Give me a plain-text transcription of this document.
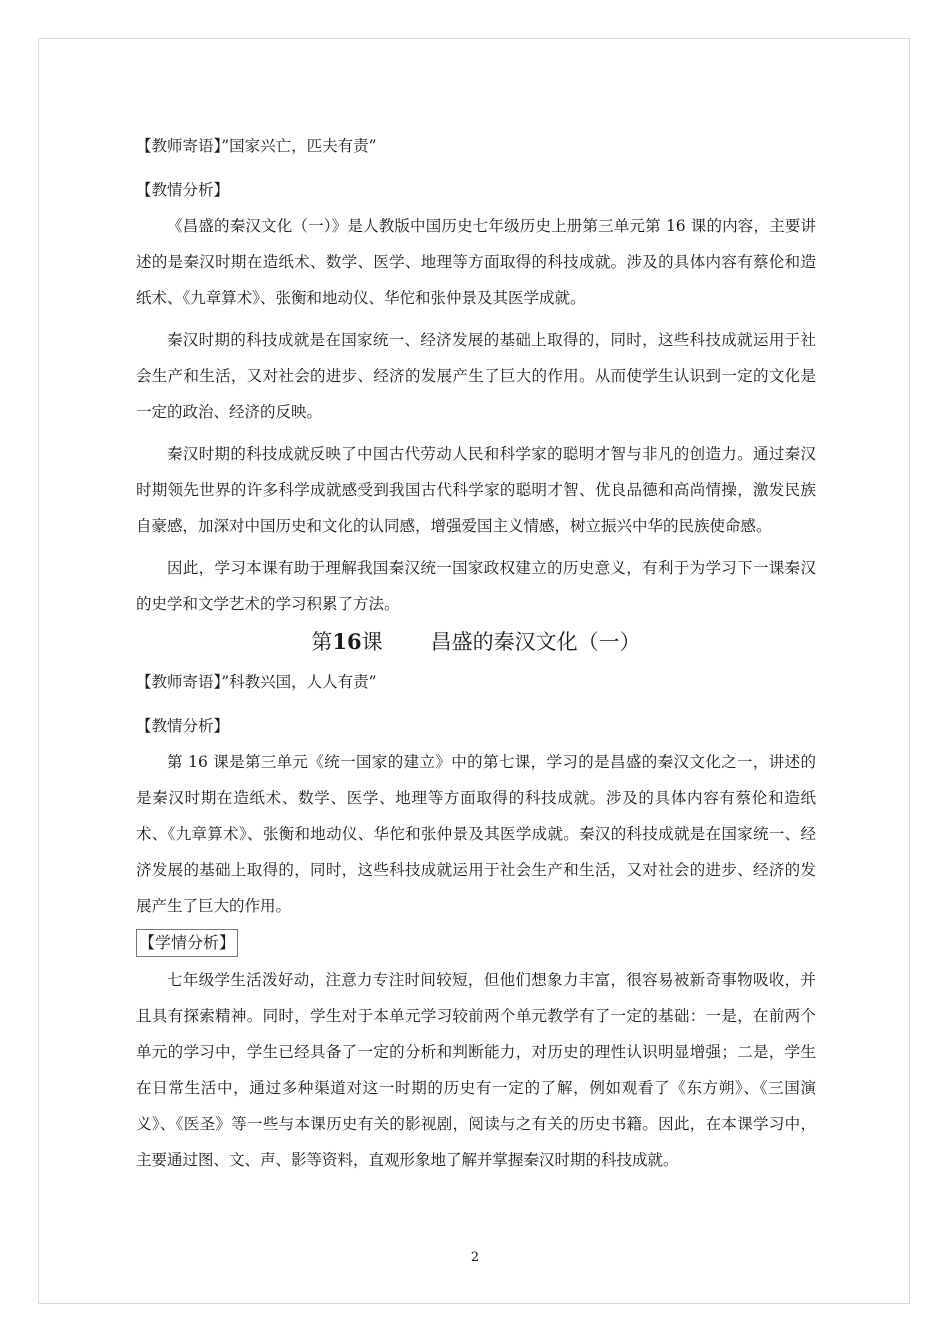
【教师寄语】”国家兴亡，匹夫有责”
【教情分析】

《昌盛的秦汉文化（一）》是人教版中国历史七年级历史上册第三单元第 16 课的内容，主要讲述的是秦汉时期在造纸术、数学、医学、地理等方面取得的科技成就。涉及的具体内容有蔡伦和造纸术、《九章算术》、张衡和地动仪、华佗和张仲景及其医学成就。

秦汉时期的科技成就是在国家统一、经济发展的基础上取得的，同时，这些科技成就运用于社会生产和生活，又对社会的进步、经济的发展产生了巨大的作用。从而使学生认识到一定的文化是一定的政治、经济的反映。

秦汉时期的科技成就反映了中国古代劳动人民和科学家的聪明才智与非凡的创造力。通过秦汉时期领先世界的许多科学成就感受到我国古代科学家的聪明才智、优良品德和高尚情操，激发民族自豪感，加深对中国历史和文化的认同感，增强爱国主义情感，树立振兴中华的民族使命感。

因此，学习本课有助于理解我国秦汉统一国家政权建立的历史意义，有利于为学习下一课秦汉的史学和文学艺术的学习积累了方法。

第16课 昌盛的秦汉文化（一）
【教师寄语】”科教兴国，人人有责”
【教情分析】

第 16 课是第三单元《统一国家的建立》中的第七课，学习的是昌盛的秦汉文化之一，讲述的是秦汉时期在造纸术、数学、医学、地理等方面取得的科技成就。涉及的具体内容有蔡伦和造纸术、《九章算术》、张衡和地动仪、华佗和张仲景及其医学成就。秦汉的科技成就是在国家统一、经济发展的基础上取得的，同时，这些科技成就运用于社会生产和生活，又对社会的进步、经济的发展产生了巨大的作用。

【学情分析】

七年级学生活泼好动，注意力专注时间较短，但他们想象力丰富，很容易被新奇事物吸收，并且具有探索精神。同时，学生对于本单元学习较前两个单元教学有了一定的基础：一是，在前两个单元的学习中，学生已经具备了一定的分析和判断能力，对历史的理性认识明显增强；二是，学生在日常生活中，通过多种渠道对这一时期的历史有一定的了解，例如观看了《东方朔》、《三国演义》、《医圣》等一些与本课历史有关的影视剧，阅读与之有关的历史书籍。因此，在本课学习中，主要通过图、文、声、影等资料，直观形象地了解并掌握秦汉时期的科技成就。

2
